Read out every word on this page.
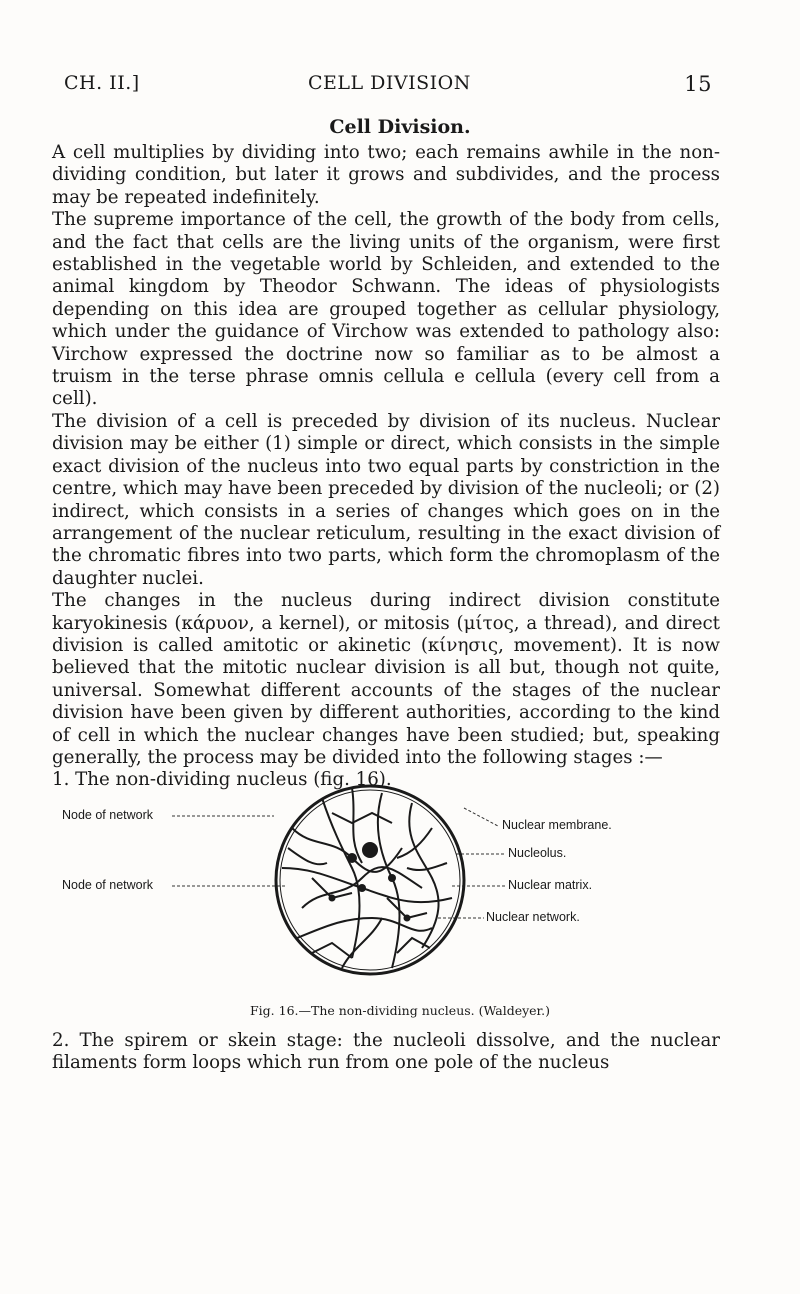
CH. II.]	CELL DIVISION	15
Cell Division.

A cell multiplies by dividing into two; each remains awhile in the non-dividing condition, but later it grows and subdivides, and the process may be repeated indefinitely.

The supreme importance of the cell, the growth of the body from cells, and the fact that cells are the living units of the organism, were first established in the vegetable world by Schleiden, and extended to the animal kingdom by Theodor Schwann. The ideas of physiologists depending on this idea are grouped together as cellular physiology, which under the guidance of Virchow was extended to pathology also: Virchow expressed the doctrine now so familiar as to be almost a truism in the terse phrase omnis cellula e cellula (every cell from a cell).

The division of a cell is preceded by division of its nucleus. Nuclear division may be either (1) simple or direct, which consists in the simple exact division of the nucleus into two equal parts by constriction in the centre, which may have been preceded by division of the nucleoli; or (2) indirect, which consists in a series of changes which goes on in the arrangement of the nuclear reticulum, resulting in the exact division of the chromatic fibres into two parts, which form the chromoplasm of the daughter nuclei.

The changes in the nucleus during indirect division constitute karyokinesis (κάρυον, a kernel), or mitosis (μίτος, a thread), and direct division is called amitotic or akinetic (κίνησις, movement). It is now believed that the mitotic nuclear division is all but, though not quite, universal. Somewhat different accounts of the stages of the nuclear division have been given by different authorities, according to the kind of cell in which the nuclear changes have been studied; but, speaking generally, the process may be divided into the following stages :—

1. The non-dividing nucleus (fig. 16).

Node of network
Node of network
Nuclear membrane.
Nucleolus.
Nuclear matrix.
Nuclear network.
Fig. 16.—The non-dividing nucleus. (Waldeyer.)

2. The spirem or skein stage: the nucleoli dissolve, and the nuclear filaments form loops which run from one pole of the nucleus
